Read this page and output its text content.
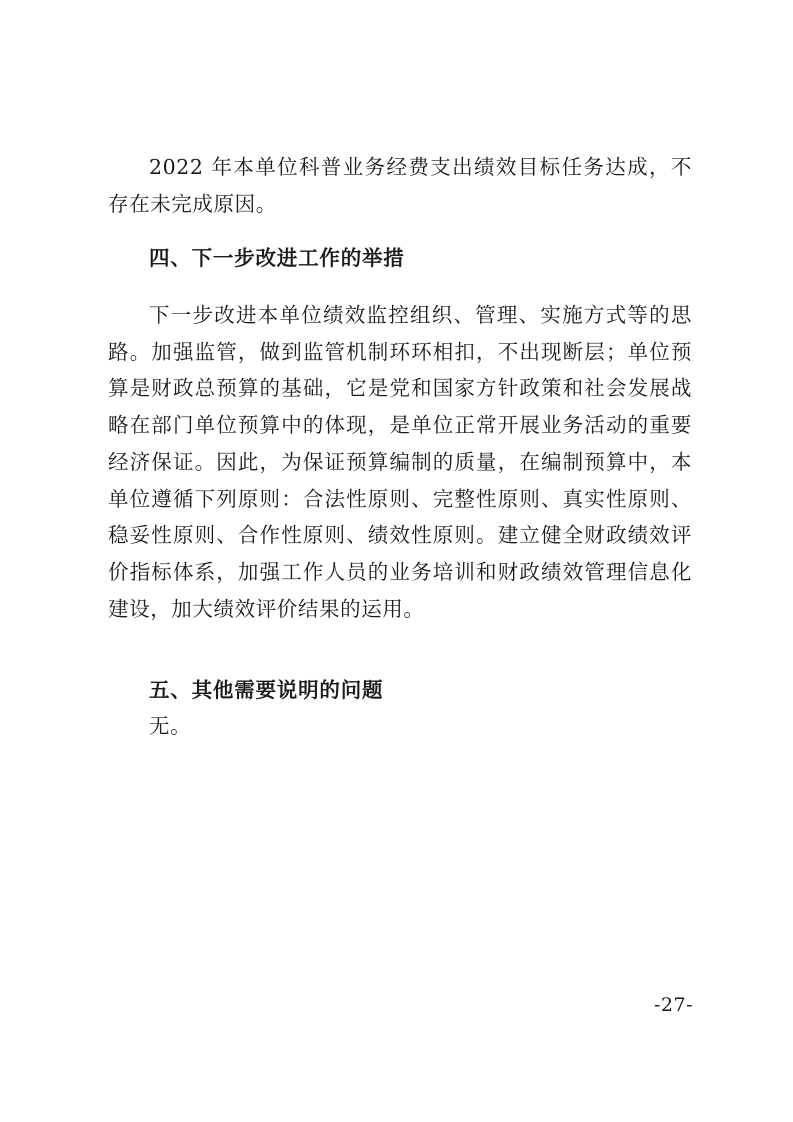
2022 年本单位科普业务经费支出绩效目标任务达成，不存在未完成原因。

四、下一步改进工作的举措

下一步改进本单位绩效监控组织、管理、实施方式等的思路。加强监管，做到监管机制环环相扣，不出现断层；单位预算是财政总预算的基础，它是党和国家方针政策和社会发展战略在部门单位预算中的体现，是单位正常开展业务活动的重要经济保证。因此，为保证预算编制的质量，在编制预算中，本单位遵循下列原则：合法性原则、完整性原则、真实性原则、稳妥性原则、合作性原则、绩效性原则。建立健全财政绩效评价指标体系，加强工作人员的业务培训和财政绩效管理信息化建设，加大绩效评价结果的运用。

五、其他需要说明的问题

无。

-27-
